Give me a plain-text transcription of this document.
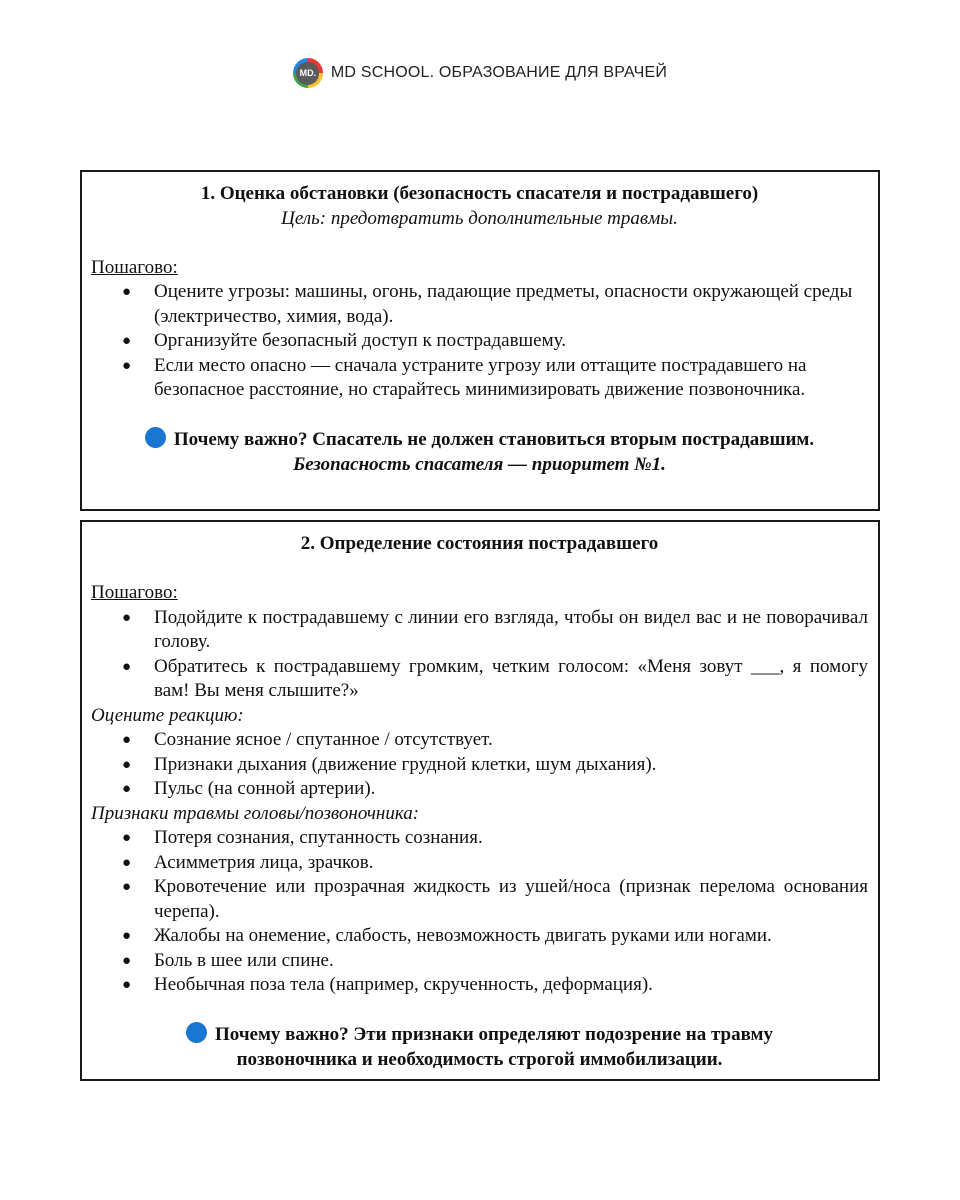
MD. MD SCHOOL. ОБРАЗОВАНИЕ ДЛЯ ВРАЧЕЙ
1. Оценка обстановки (безопасность спасателя и пострадавшего)
Цель: предотвратить дополнительные травмы.
Пошагово:
● Оцените угрозы: машины, огонь, падающие предметы, опасности окружающей среды (электричество, химия, вода).
● Организуйте безопасный доступ к пострадавшему.
● Если место опасно — сначала устраните угрозу или оттащите пострадавшего на безопасное расстояние, но старайтесь минимизировать движение позвоночника.
Почему важно? Спасатель не должен становиться вторым пострадавшим.
Безопасность спасателя — приоритет №1.
2. Определение состояния пострадавшего
Пошагово:
● Подойдите к пострадавшему с линии его взгляда, чтобы он видел вас и не поворачивал голову.
● Обратитесь к пострадавшему громким, четким голосом: «Меня зовут ___, я помогу вам! Вы меня слышите?»
Оцените реакцию:
● Сознание ясное / спутанное / отсутствует.
● Признаки дыхания (движение грудной клетки, шум дыхания).
● Пульс (на сонной артерии).
Признаки травмы головы/позвоночника:
● Потеря сознания, спутанность сознания.
● Асимметрия лица, зрачков.
● Кровотечение или прозрачная жидкость из ушей/носа (признак перелома основания черепа).
● Жалобы на онемение, слабость, невозможность двигать руками или ногами.
● Боль в шее или спине.
● Необычная поза тела (например, скрученность, деформация).
Почему важно? Эти признаки определяют подозрение на травму позвоночника и необходимость строгой иммобилизации.
